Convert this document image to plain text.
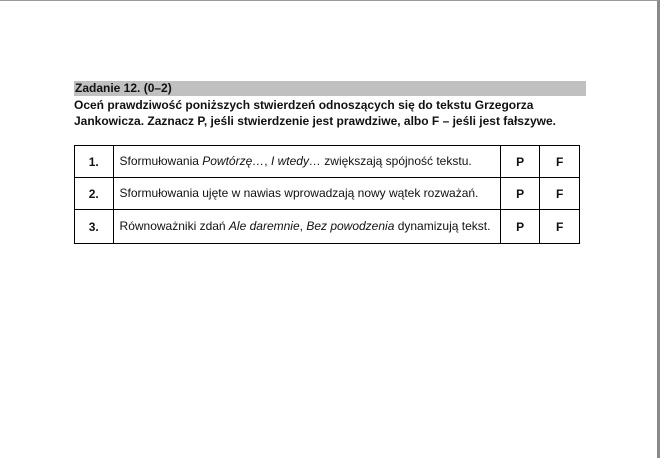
Zadanie 12. (0–2)
Oceń prawdziwość poniższych stwierdzeń odnoszących się do tekstu Grzegorza
Jankowicza. Zaznacz P, jeśli stwierdzenie jest prawdziwe, albo F – jeśli jest fałszywe.
1.	Sformułowania Powtórzę…, I wtedy… zwiększają spójność tekstu.	P	F
2.	Sformułowania ujęte w nawias wprowadzają nowy wątek rozważań.	P	F
3.	Równoważniki zdań Ale daremnie, Bez powodzenia dynamizują tekst.	P	F
